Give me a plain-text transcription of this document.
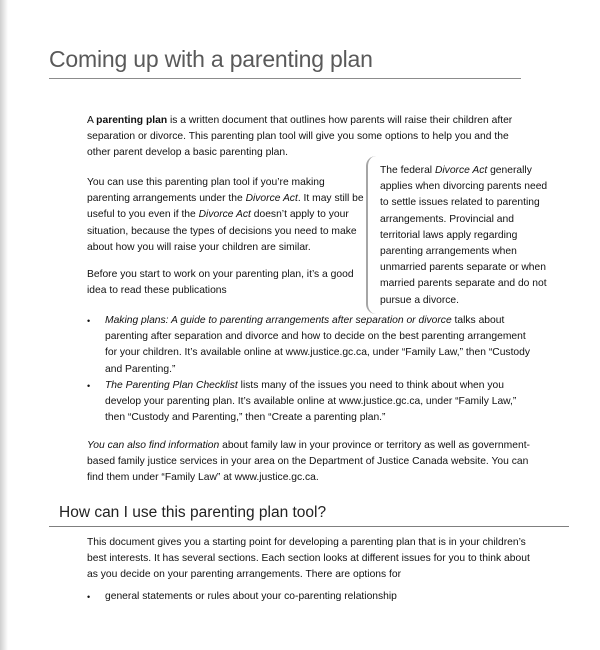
Coming up with a parenting plan

A parenting plan is a written document that outlines how parents will raise their children after separation or divorce. This parenting plan tool will give you some options to help you and the other parent develop a basic parenting plan.

You can use this parenting plan tool if you’re making parenting arrangements under the Divorce Act. It may still be useful to you even if the Divorce Act doesn’t apply to your situation, because the types of decisions you need to make about how you will raise your children are similar.

Before you start to work on your parenting plan, it’s a good idea to read these publications

The federal Divorce Act generally applies when divorcing parents need to settle issues related to parenting arrangements. Provincial and territorial laws apply regarding parenting arrangements when unmarried parents separate or when married parents separate and do not pursue a divorce.

• Making plans: A guide to parenting arrangements after separation or divorce talks about parenting after separation and divorce and how to decide on the best parenting arrangement for your children. It’s available online at www.justice.gc.ca, under “Family Law,” then “Custody and Parenting.”
• The Parenting Plan Checklist lists many of the issues you need to think about when you develop your parenting plan. It’s available online at www.justice.gc.ca, under “Family Law,” then “Custody and Parenting,” then “Create a parenting plan.”

You can also find information about family law in your province or territory as well as government-based family justice services in your area on the Department of Justice Canada website. You can find them under “Family Law” at www.justice.gc.ca.

How can I use this parenting plan tool?

This document gives you a starting point for developing a parenting plan that is in your children’s best interests. It has several sections. Each section looks at different issues for you to think about as you decide on your parenting arrangements. There are options for

• general statements or rules about your co-parenting relationship
